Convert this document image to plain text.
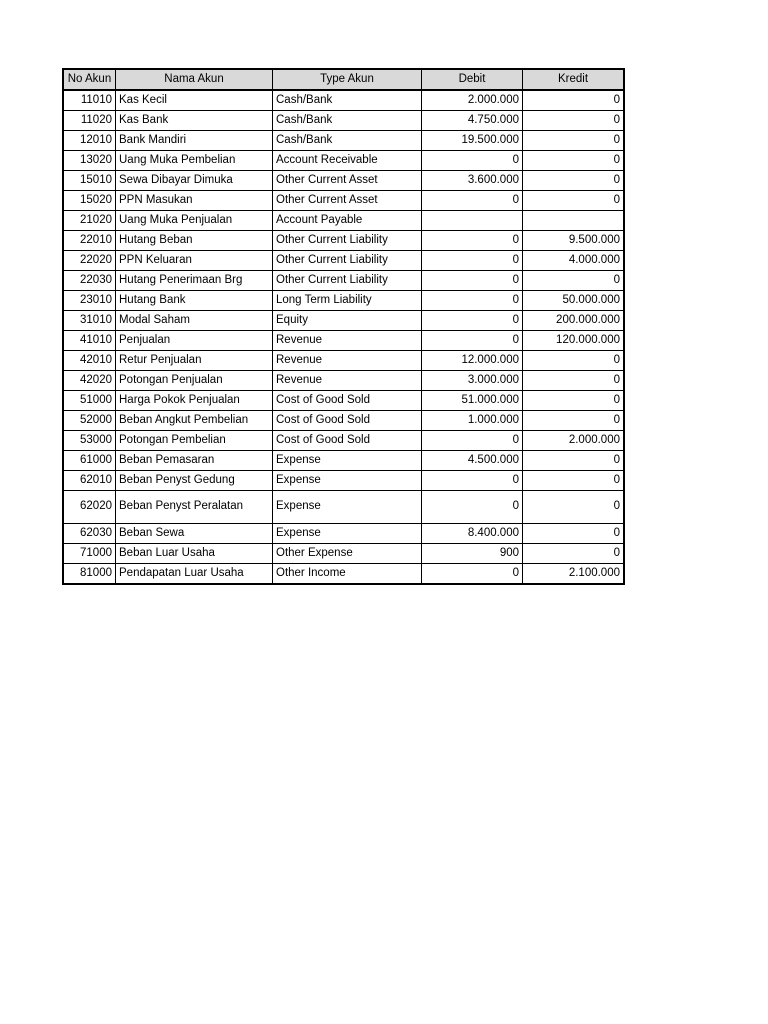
No Akun	Nama Akun	Type Akun	Debit	Kredit
11010	Kas Kecil	Cash/Bank	2.000.000	0
11020	Kas Bank	Cash/Bank	4.750.000	0
12010	Bank Mandiri	Cash/Bank	19.500.000	0
13020	Uang Muka Pembelian	Account Receivable	0	0
15010	Sewa Dibayar Dimuka	Other Current Asset	3.600.000	0
15020	PPN Masukan	Other Current Asset	0	0
21020	Uang Muka Penjualan	Account Payable		
22010	Hutang Beban	Other Current Liability	0	9.500.000
22020	PPN Keluaran	Other Current Liability	0	4.000.000
22030	Hutang Penerimaan Brg	Other Current Liability	0	0
23010	Hutang Bank	Long Term Liability	0	50.000.000
31010	Modal Saham	Equity	0	200.000.000
41010	Penjualan	Revenue	0	120.000.000
42010	Retur Penjualan	Revenue	12.000.000	0
42020	Potongan Penjualan	Revenue	3.000.000	0
51000	Harga Pokok Penjualan	Cost of Good Sold	51.000.000	0
52000	Beban Angkut Pembelian	Cost of Good Sold	1.000.000	0
53000	Potongan Pembelian	Cost of Good Sold	0	2.000.000
61000	Beban Pemasaran	Expense	4.500.000	0
62010	Beban Penyst Gedung	Expense	0	0
62020	Beban Penyst Peralatan	Expense	0	0
62030	Beban Sewa	Expense	8.400.000	0
71000	Beban Luar Usaha	Other Expense	900	0
81000	Pendapatan Luar Usaha	Other Income	0	2.100.000
